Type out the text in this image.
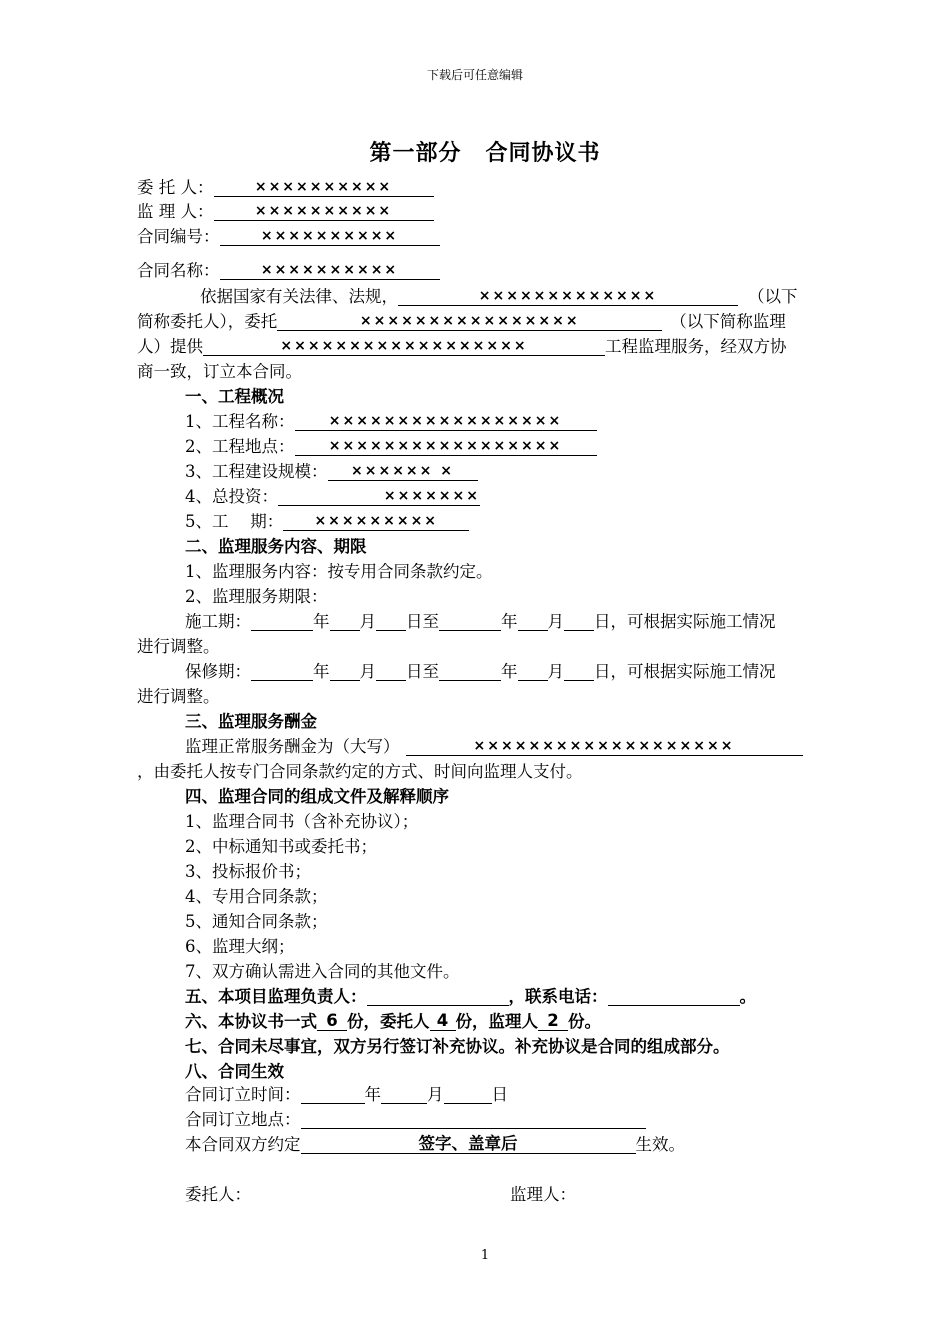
下载后可任意编辑
第一部分 合同协议书
委 托 人：	××××××××××
监 理 人：	××××××××××
合同编号：	××××××××××
合同名称：	××××××××××
依据国家有关法律、法规，	×××××××××××××	（以下
简称委托人），委托	××××××××××××××××	（以下简称监理
人）提供	××××××××××××××××××	工程监理服务，经双方协
商一致，订立本合同。
一、工程概况
1、工程名称： ×××××××××××××××××
2、工程地点： ×××××××××××××××××
3、工程建设规模： ×××××× ×
4、总投资：	×××××××
5、工　 期： ×××××××××
二、监理服务内容、期限
1、监理服务内容：按专用合同条款约定。
2、监理服务期限：
施工期：	年 月 日至	年 月 日，可根据实际施工情况
进行调整。
保修期：	年 月 日至	年 月 日，可根据实际施工情况
进行调整。
三、监理服务酬金
监理正常服务酬金为（大写）	×××××××××××××××××××
，由委托人按专门合同条款约定的方式、时间向监理人支付。
四、监理合同的组成文件及解释顺序
1、监理合同书（含补充协议）；
2、中标通知书或委托书；
3、投标报价书；
4、专用合同条款；
5、通知合同条款；
6、监理大纲；
7、双方确认需进入合同的其他文件。
五、本项目监理负责人：	，联系电话：	。
六、本协议书一式 6 份，委托人 4 份，监理人 2 份。
七、合同未尽事宜，双方另行签订补充协议。补充协议是合同的组成部分。
八、合同生效
合同订立时间：	年	月	日
合同订立地点：
本合同双方约定	签字、盖章后	生效。
委托人：	监理人：
1
